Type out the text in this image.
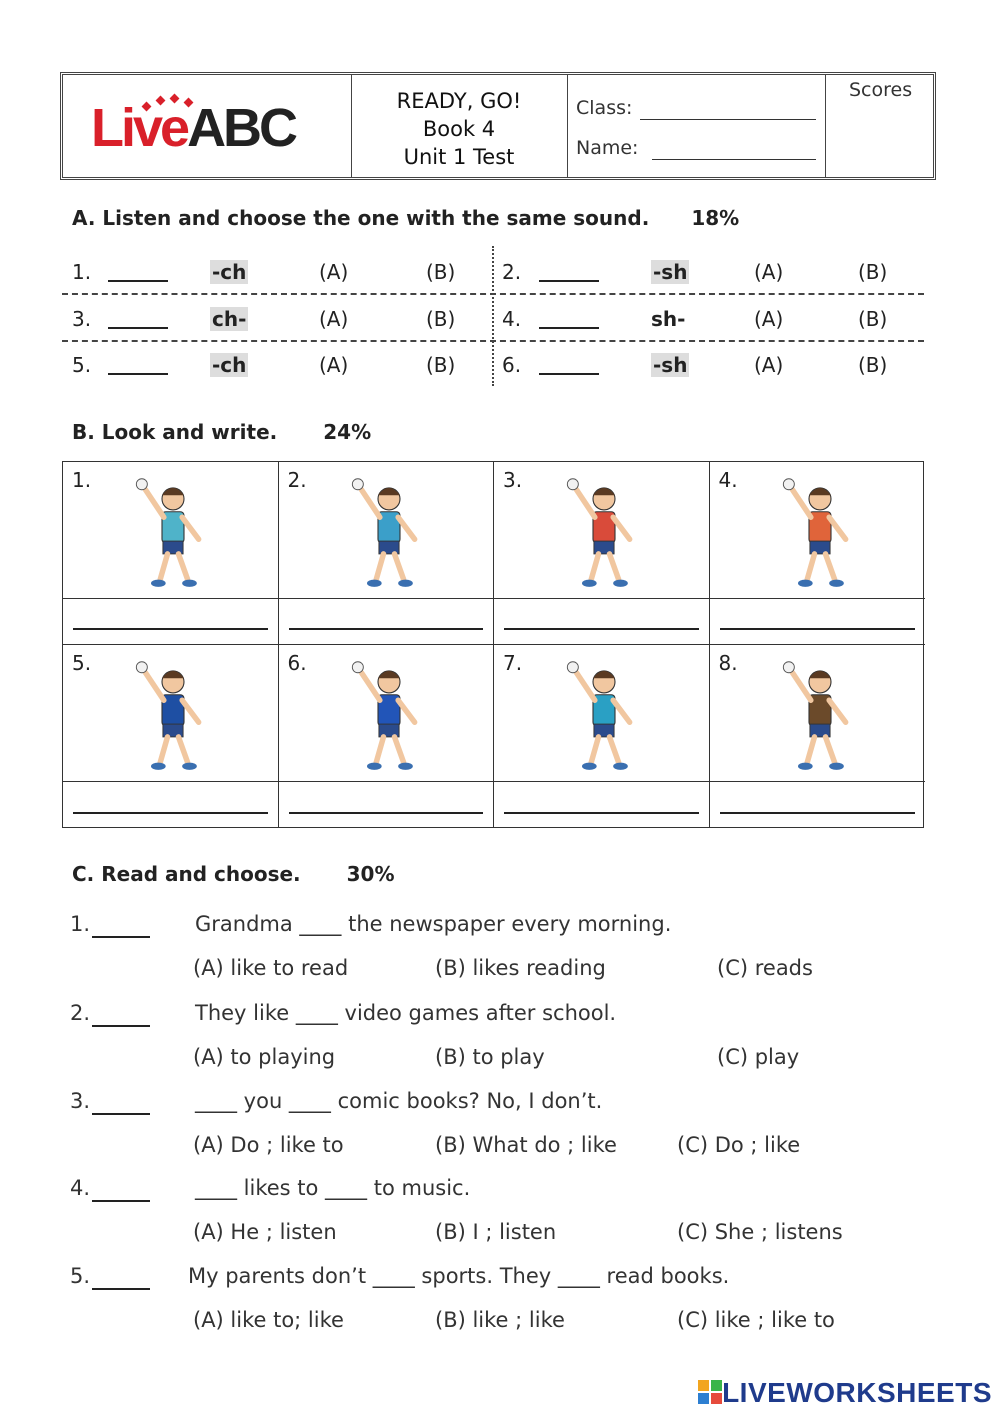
LiveABC	READY, GO!
Book 4
Unit 1 Test
Class:
Name:
Scores
A. Listen and choose the one with the same sound. 18%
1.	-ch	(A)	(B) 2.	-sh	(A)	(B)
3.	ch-	(A)	(B) 4.	sh-	(A)	(B)
5.	-ch	(A)	(B) 6.	-sh	(A)	(B)
B. Look and write. 24%
1.	2.	3.	4.
5.	6.	7.	8.
C. Read and choose. 30%
1.	Grandma ____ the newspaper every morning.
(A) like to read	(B) likes reading	(C) reads
2.	They like ____ video games after school.
(A) to playing	(B) to play	(C) play
3.	____ you ____ comic books? No, I don’t.
(A) Do ; like to	(B) What do ; like	(C) Do ; like
4.	____ likes to ____ to music.
(A) He ; listen	(B) I ; listen	(C) She ; listens
5.	My parents don’t ____ sports. They ____ read books.
(A) like to; like	(B) like ; like	(C) like ; like to
LIVEWORKSHEETS
